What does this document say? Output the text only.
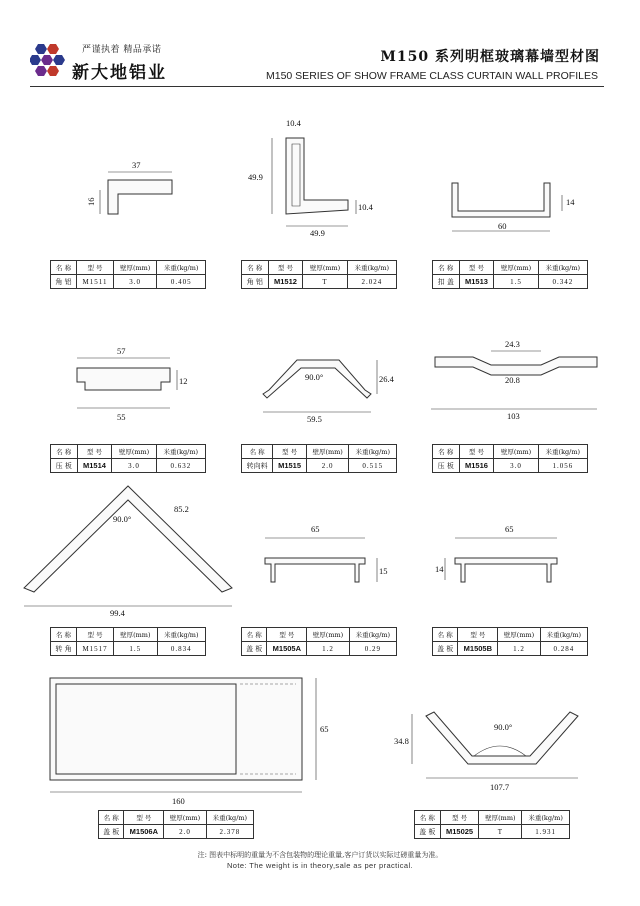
严谨执着 精品承诺
新大地铝业
M150 系列明框玻璃幕墙型材图
M150 SERIES OF SHOW FRAME CLASS CURTAIN WALL PROFILES
37
16
10.4
49.9
10.4
49.9
14
60
57
12
55
90.0°	26.4
59.5
24.3
20.8
103
90.0°
85.2
99.4
65
15
65
14
65
160
90.0°
34.8
107.7
名 称	型 号	壁厚(mm)	米重(kg/m)
角 铝	M1511	3.0	0.405
名 称	型 号	壁厚(mm)	米重(kg/m)
角 铝	M1512	T	2.024
名 称	型 号	壁厚(mm)	米重(kg/m)
扣 盖	M1513	1.5	0.342
名 称	型 号	壁厚(mm)	米重(kg/m)
压 板	M1514	3.0	0.632
名 称	型 号	壁厚(mm)	米重(kg/m)
转向料	M1515	2.0	0.515
名 称	型 号	壁厚(mm)	米重(kg/m)
压 板	M1516	3.0	1.056
名 称	型 号	壁厚(mm)	米重(kg/m)
转 角	M1517	1.5	0.834
名 称	型 号	壁厚(mm)	米重(kg/m)
盖 板	M1505A	1.2	0.29
名 称	型 号	壁厚(mm)	米重(kg/m)
盖 板	M1505B	1.2	0.284
名 称	型 号	壁厚(mm)	米重(kg/m)
盖 板	M1506A	2.0	2.378
名 称	型 号	壁厚(mm)	米重(kg/m)
盖 板	M15025	T	1.931
注: 图表中标明的重量为不含包装物的理论重量,客户订货以实际过磅重量为准。
Note: The weight is in theory,sale as per practical.
